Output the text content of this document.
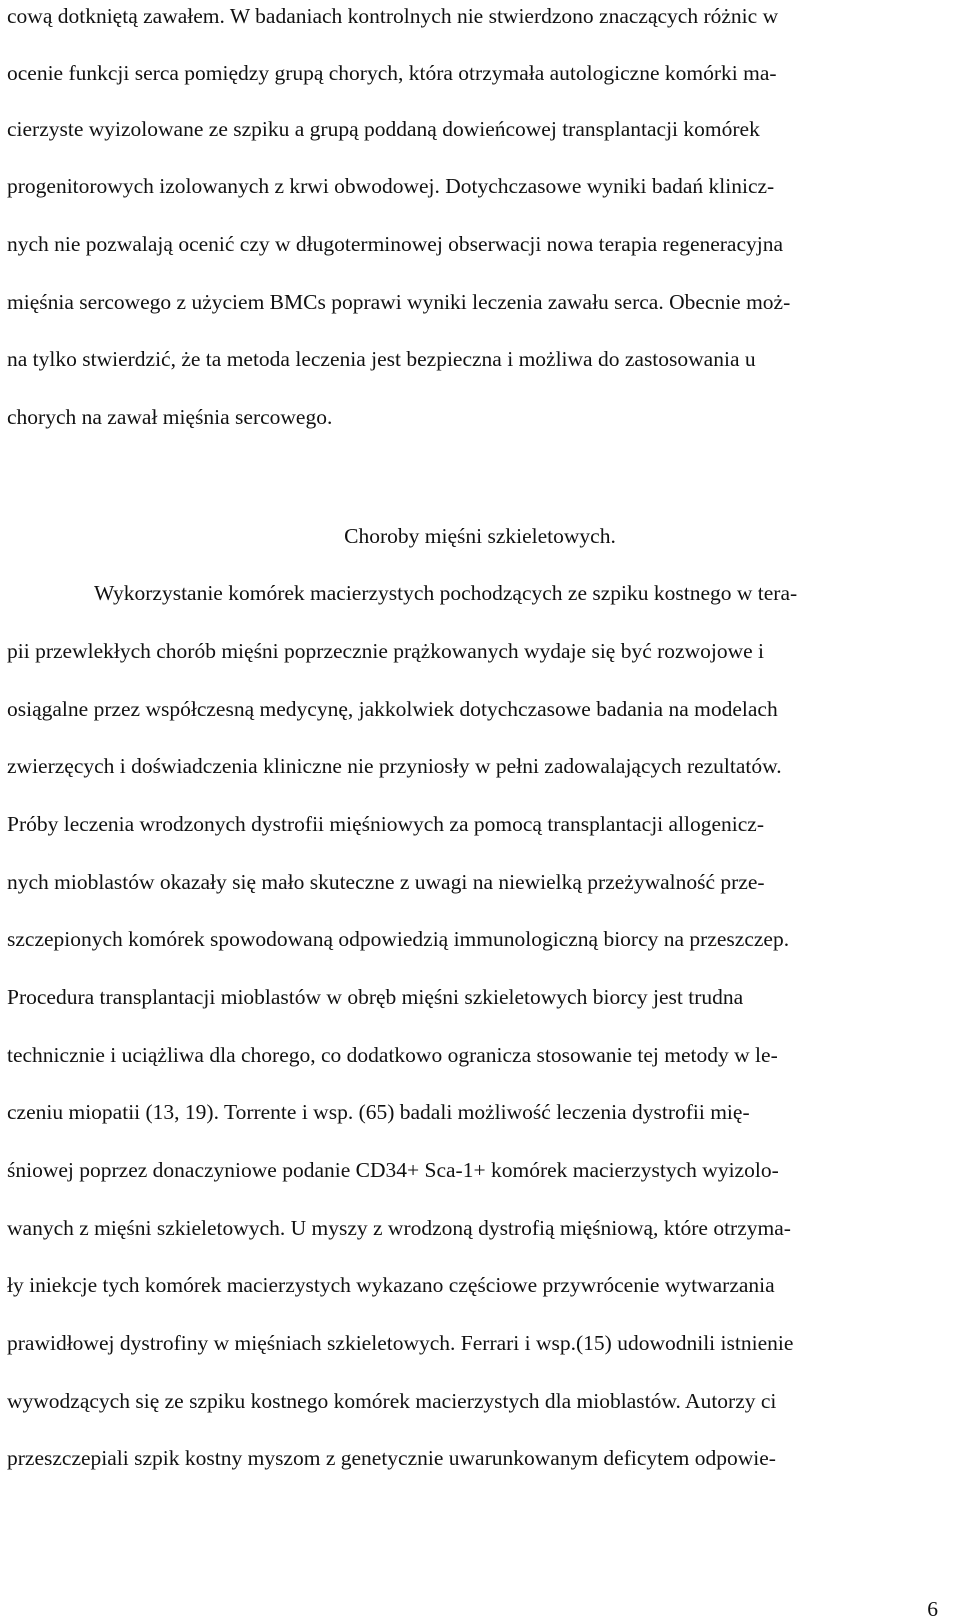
cową dotkniętą zawałem. W badaniach kontrolnych nie stwierdzono znaczących różnic w
ocenie funkcji serca pomiędzy grupą chorych, która otrzymała autologiczne komórki ma-
cierzyste wyizolowane ze szpiku a grupą poddaną dowieńcowej transplantacji komórek
progenitorowych izolowanych z krwi obwodowej. Dotychczasowe wyniki badań klinicz-
nych nie pozwalają ocenić czy w długoterminowej obserwacji nowa terapia regeneracyjna
mięśnia sercowego z użyciem BMCs poprawi wyniki leczenia zawału serca. Obecnie moż-
na tylko stwierdzić, że ta metoda leczenia jest bezpieczna i możliwa do zastosowania u
chorych na zawał mięśnia sercowego.
Choroby mięśni szkieletowych.
Wykorzystanie komórek macierzystych pochodzących ze szpiku kostnego w tera-
pii przewlekłych chorób mięśni poprzecznie prążkowanych wydaje się być rozwojowe i
osiągalne przez współczesną medycynę, jakkolwiek dotychczasowe badania na modelach
zwierzęcych i doświadczenia kliniczne nie przyniosły w pełni zadowalających rezultatów.
Próby leczenia wrodzonych dystrofii mięśniowych za pomocą transplantacji allogenicz-
nych mioblastów okazały się mało skuteczne z uwagi na niewielką przeżywalność prze-
szczepionych komórek spowodowaną odpowiedzią immunologiczną biorcy na przeszczep.
Procedura transplantacji mioblastów w obręb mięśni szkieletowych biorcy jest trudna
technicznie i uciążliwa dla chorego, co dodatkowo ogranicza stosowanie tej metody w le-
czeniu miopatii (13, 19). Torrente i wsp. (65) badali możliwość leczenia dystrofii mię-
śniowej poprzez donaczyniowe podanie CD34+ Sca-1+ komórek macierzystych wyizolo-
wanych z mięśni szkieletowych. U myszy z wrodzoną dystrofią mięśniową, które otrzyma-
ły iniekcje tych komórek macierzystych wykazano częściowe przywrócenie wytwarzania
prawidłowej dystrofiny w mięśniach szkieletowych. Ferrari i wsp.(15) udowodnili istnienie
wywodzących się ze szpiku kostnego komórek macierzystych dla mioblastów. Autorzy ci
przeszczepiali szpik kostny myszom z genetycznie uwarunkowanym deficytem odpowie-
6
